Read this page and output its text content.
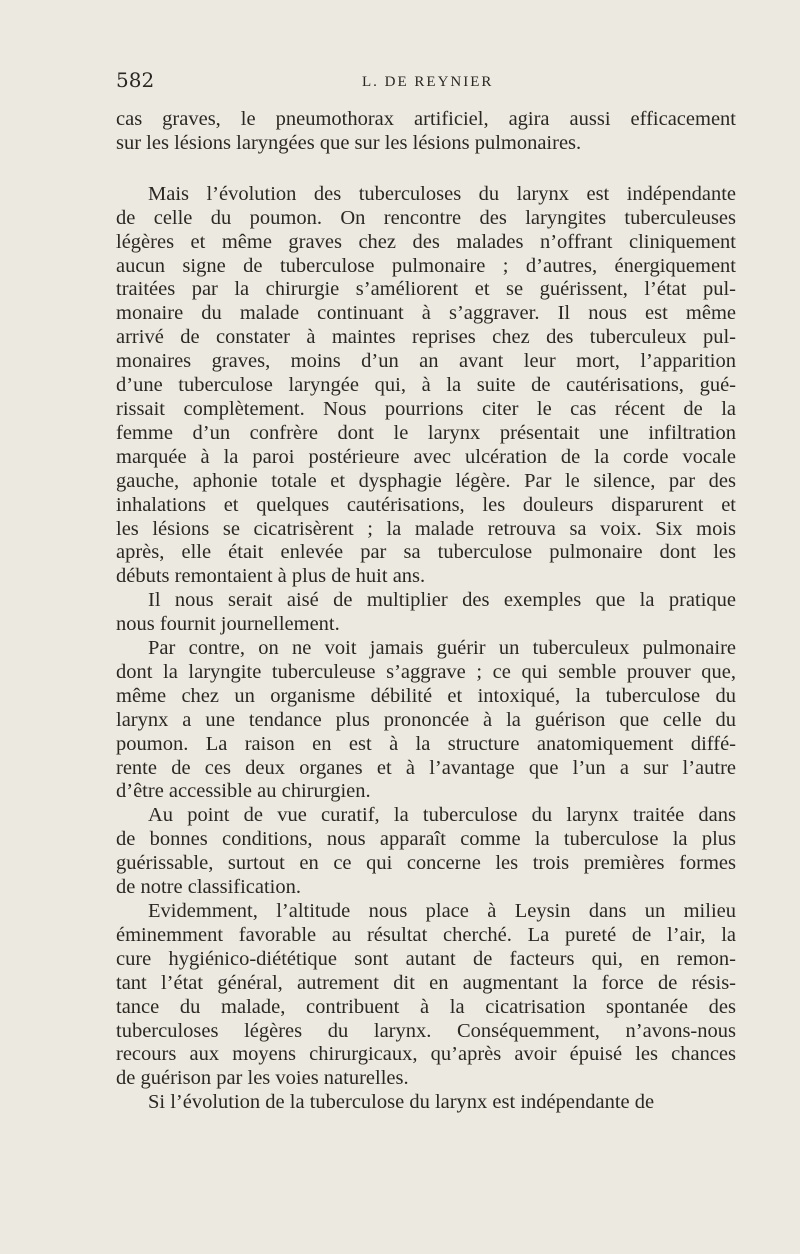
582	L. DE REYNIER
cas graves, le pneumothorax artificiel, agira aussi efficacement
sur les lésions laryngées que sur les lésions pulmonaires.
Mais l’évolution des tuberculoses du larynx est indépendante
de celle du poumon. On rencontre des laryngites tuberculeuses
légères et même graves chez des malades n’offrant cliniquement
aucun signe de tuberculose pulmonaire ; d’autres, énergiquement
traitées par la chirurgie s’améliorent et se guérissent, l’état pul-
monaire du malade continuant à s’aggraver. Il nous est même
arrivé de constater à maintes reprises chez des tuberculeux pul-
monaires graves, moins d’un an avant leur mort, l’apparition
d’une tuberculose laryngée qui, à la suite de cautérisations, gué-
rissait complètement. Nous pourrions citer le cas récent de la
femme d’un confrère dont le larynx présentait une infiltration
marquée à la paroi postérieure avec ulcération de la corde vocale
gauche, aphonie totale et dysphagie légère. Par le silence, par des
inhalations et quelques cautérisations, les douleurs disparurent et
les lésions se cicatrisèrent ; la malade retrouva sa voix. Six mois
après, elle était enlevée par sa tuberculose pulmonaire dont les
débuts remontaient à plus de huit ans.
Il nous serait aisé de multiplier des exemples que la pratique
nous fournit journellement.
Par contre, on ne voit jamais guérir un tuberculeux pulmonaire
dont la laryngite tuberculeuse s’aggrave ; ce qui semble prouver que,
même chez un organisme débilité et intoxiqué, la tuberculose du
larynx a une tendance plus prononcée à la guérison que celle du
poumon. La raison en est à la structure anatomiquement diffé-
rente de ces deux organes et à l’avantage que l’un a sur l’autre
d’être accessible au chirurgien.
Au point de vue curatif, la tuberculose du larynx traitée dans
de bonnes conditions, nous apparaît comme la tuberculose la plus
guérissable, surtout en ce qui concerne les trois premières formes
de notre classification.
Evidemment, l’altitude nous place à Leysin dans un milieu
éminemment favorable au résultat cherché. La pureté de l’air, la
cure hygiénico-diététique sont autant de facteurs qui, en remon-
tant l’état général, autrement dit en augmentant la force de résis-
tance du malade, contribuent à la cicatrisation spontanée des
tuberculoses légères du larynx. Conséquemment, n’avons-nous
recours aux moyens chirurgicaux, qu’après avoir épuisé les chances
de guérison par les voies naturelles.
Si l’évolution de la tuberculose du larynx est indépendante de
